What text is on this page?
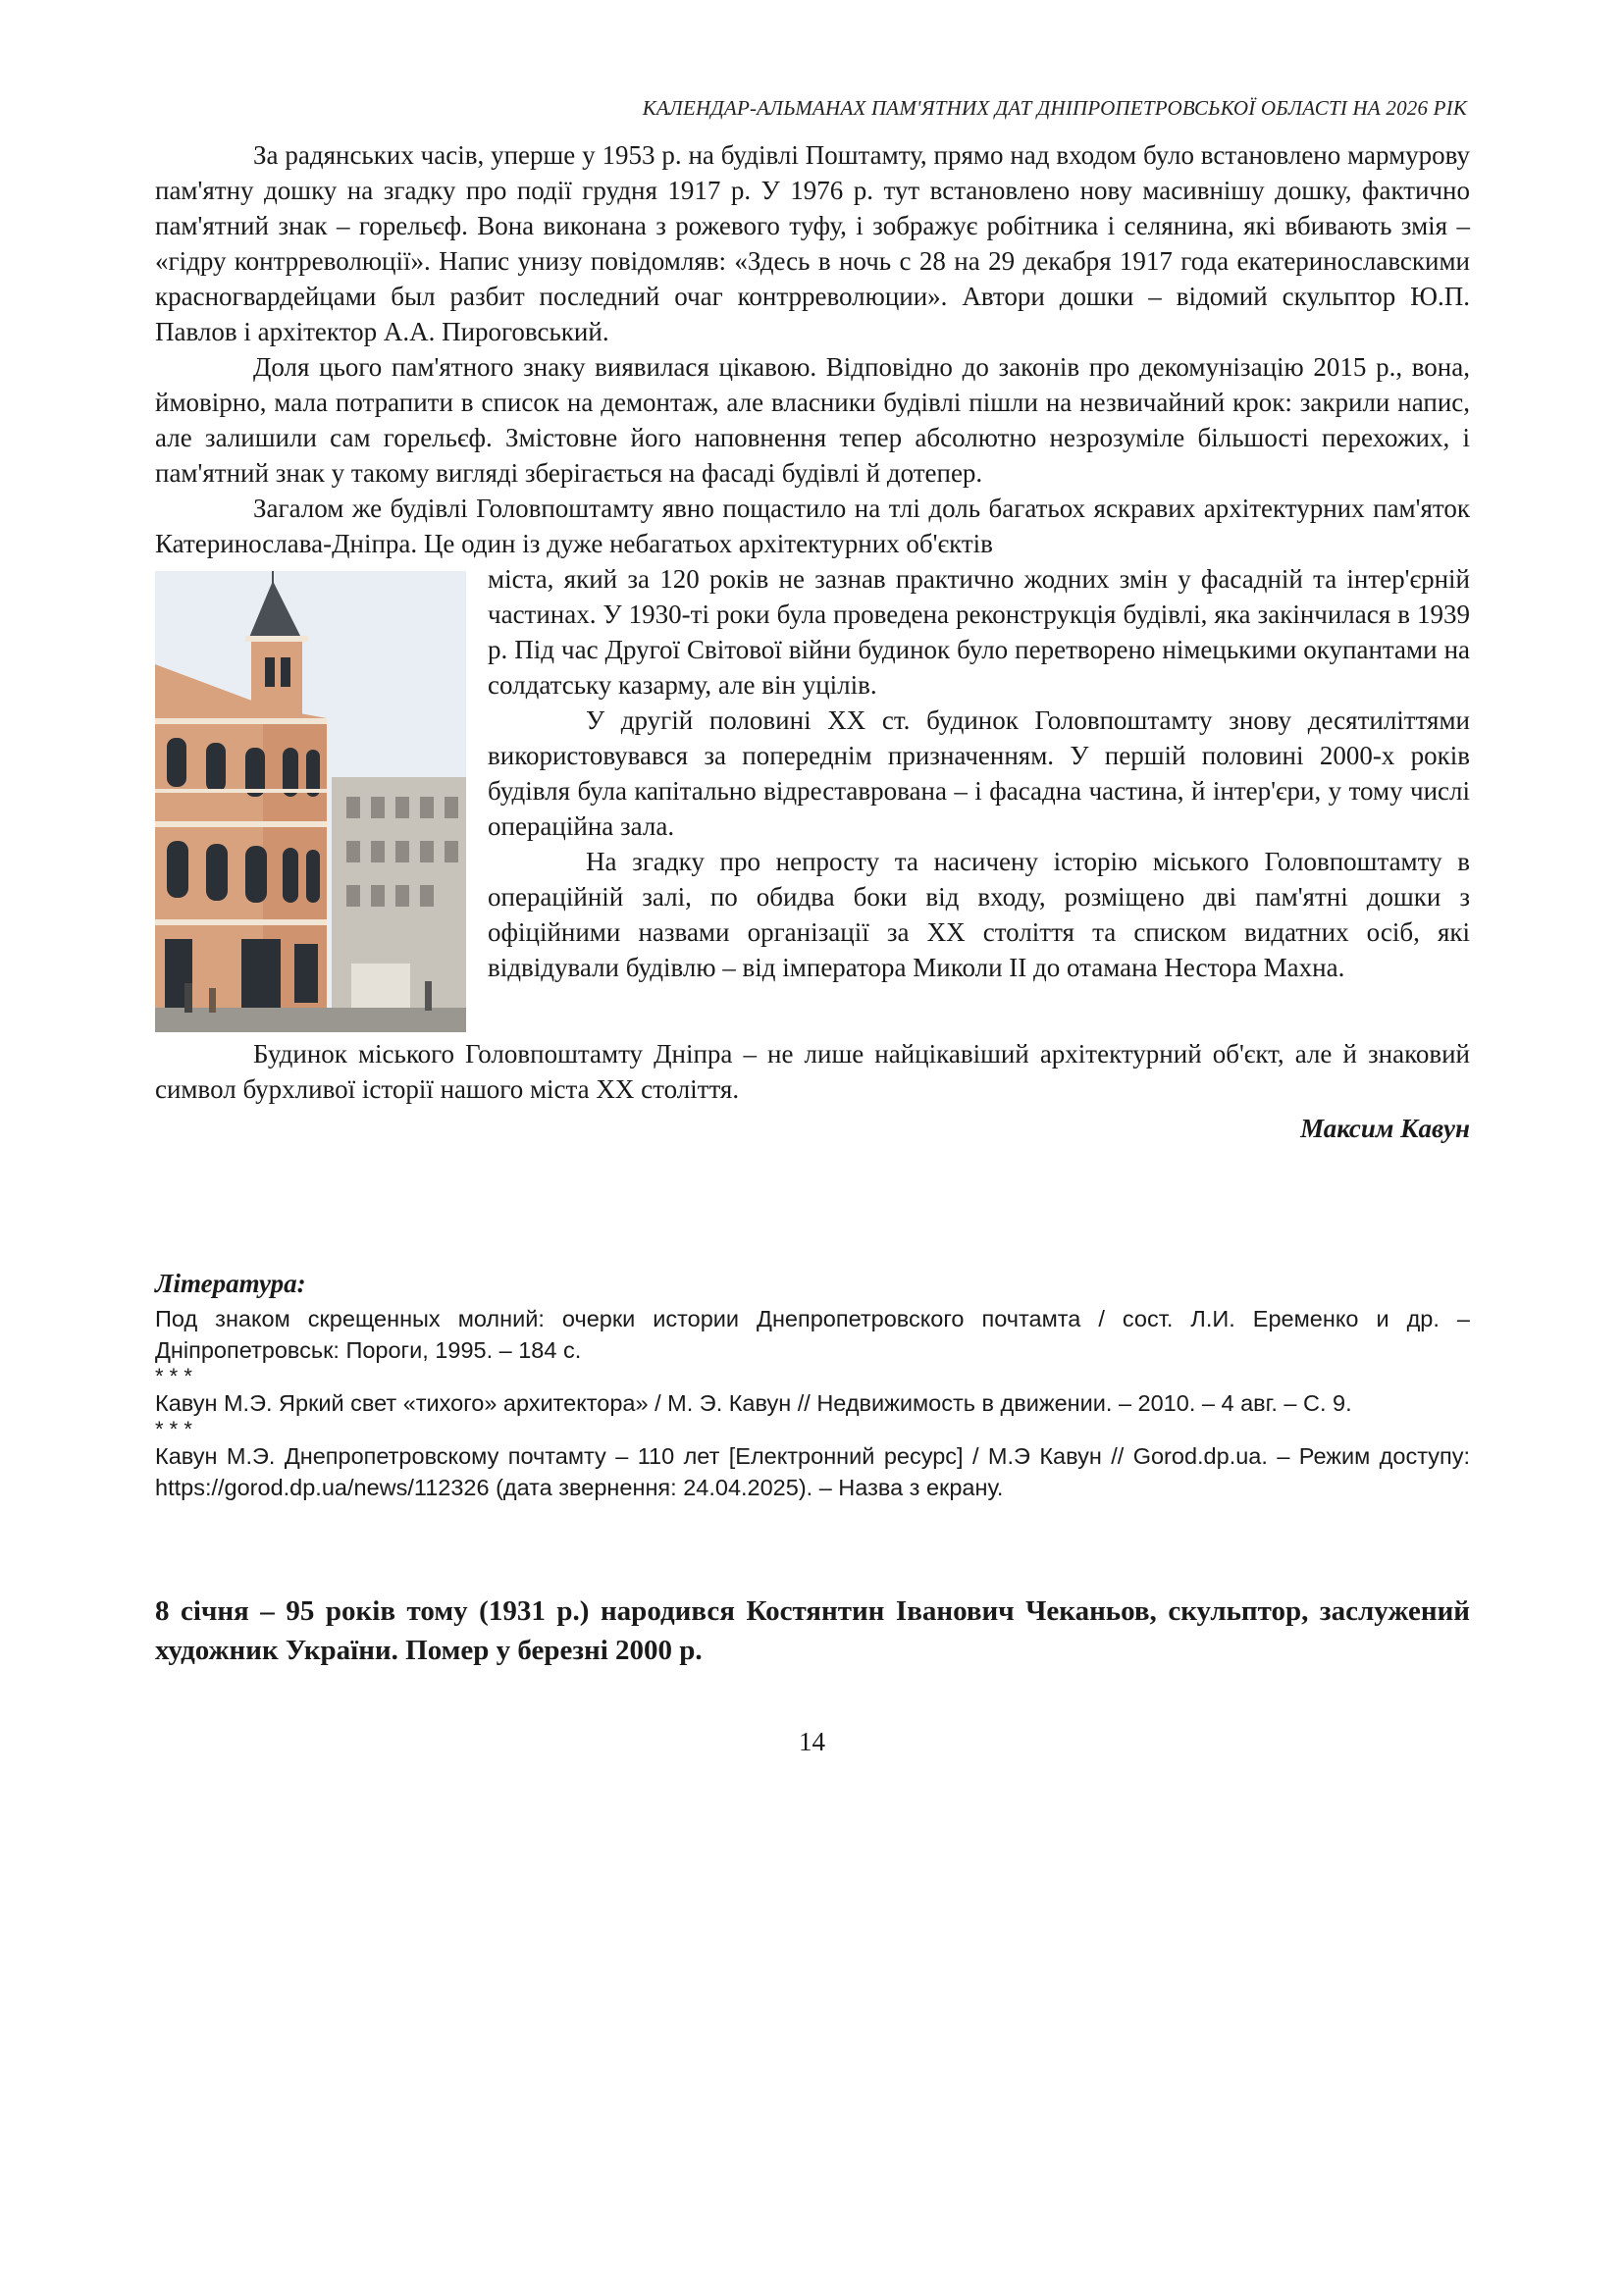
КАЛЕНДАР-АЛЬМАНАХ ПАМ'ЯТНИХ ДАТ ДНІПРОПЕТРОВСЬКОЇ ОБЛАСТІ НА 2026 РІК

За радянських часів, уперше у 1953 р. на будівлі Поштамту, прямо над входом було встановлено мармурову пам'ятну дошку на згадку про події грудня 1917 р. У 1976 р. тут встановлено нову масивнішу дошку, фактично пам'ятний знак – горельєф. Вона виконана з рожевого туфу, і зображує робітника і селянина, які вбивають змія – «гідру контрреволюції». Напис унизу повідомляв: «Здесь в ночь с 28 на 29 декабря 1917 года екатеринославскими красногвардейцами был разбит последний очаг контрреволюции». Автори дошки – відомий скульптор Ю.П. Павлов і архітектор А.А. Пироговський.

Доля цього пам'ятного знаку виявилася цікавою. Відповідно до законів про декомунізацію 2015 р., вона, ймовірно, мала потрапити в список на демонтаж, але власники будівлі пішли на незвичайний крок: закрили напис, але залишили сам горельєф. Змістовне його наповнення тепер абсолютно незрозуміле більшості перехожих, і пам'ятний знак у такому вигляді зберігається на фасаді будівлі й дотепер.

Загалом же будівлі Головпоштамту явно пощастило на тлі доль багатьох яскравих архітектурних пам'яток Катеринослава-Дніпра. Це один із дуже небагатьох архітектурних об'єктів

міста, який за 120 років не зазнав практично жодних змін у фасадній та інтер'єрній частинах. У 1930-ті роки була проведена реконструкція будівлі, яка закінчилася в 1939 р. Під час Другої Світової війни будинок було перетворено німецькими окупантами на солдатську казарму, але він уцілів.

У другій половині ХХ ст. будинок Головпоштамту знову десятиліттями використовувався за попереднім призначенням. У першій половині 2000-х років будівля була капітально відреставрована – і фасадна частина, й інтер'єри, у тому числі операційна зала.

На згадку про непросту та насичену історію міського Головпоштамту в операційній залі, по обидва боки від входу, розміщено дві пам'ятні дошки з офіційними назвами організації за ХХ століття та списком видатних осіб, які відвідували будівлю – від імператора Миколи ІІ до отамана Нестора Махна.

Будинок міського Головпоштамту Дніпра – не лише найцікавіший архітектурний об'єкт, але й знаковий символ бурхливої історії нашого міста ХХ століття.

Максим Кавун
Література:

Под знаком скрещенных молний: очерки истории Днепропетровского почтамта / сост. Л.И. Еременко и др. – Дніпропетровськ: Пороги, 1995. – 184 с.

* * *

Кавун М.Э. Яркий свет «тихого» архитектора» / М. Э. Кавун // Недвижимость в движении. – 2010. – 4 авг. – С. 9.

* * *

Кавун М.Э. Днепропетровскому почтамту – 110 лет [Електронний ресурс] / М.Э Кавун // Gorod.dp.ua. – Режим доступу: https://gorod.dp.ua/news/112326 (дата звернення: 24.04.2025). – Назва з екрану.

8 січня – 95 років тому (1931 р.) народився Костянтин Іванович Чеканьов, скульптор, заслужений художник України. Помер у березні 2000 р.
14
